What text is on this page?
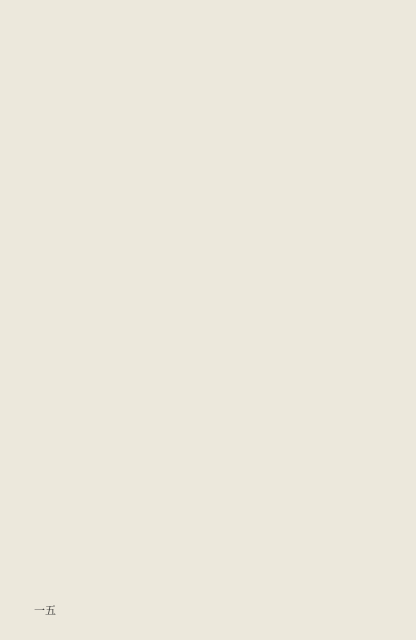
一五
